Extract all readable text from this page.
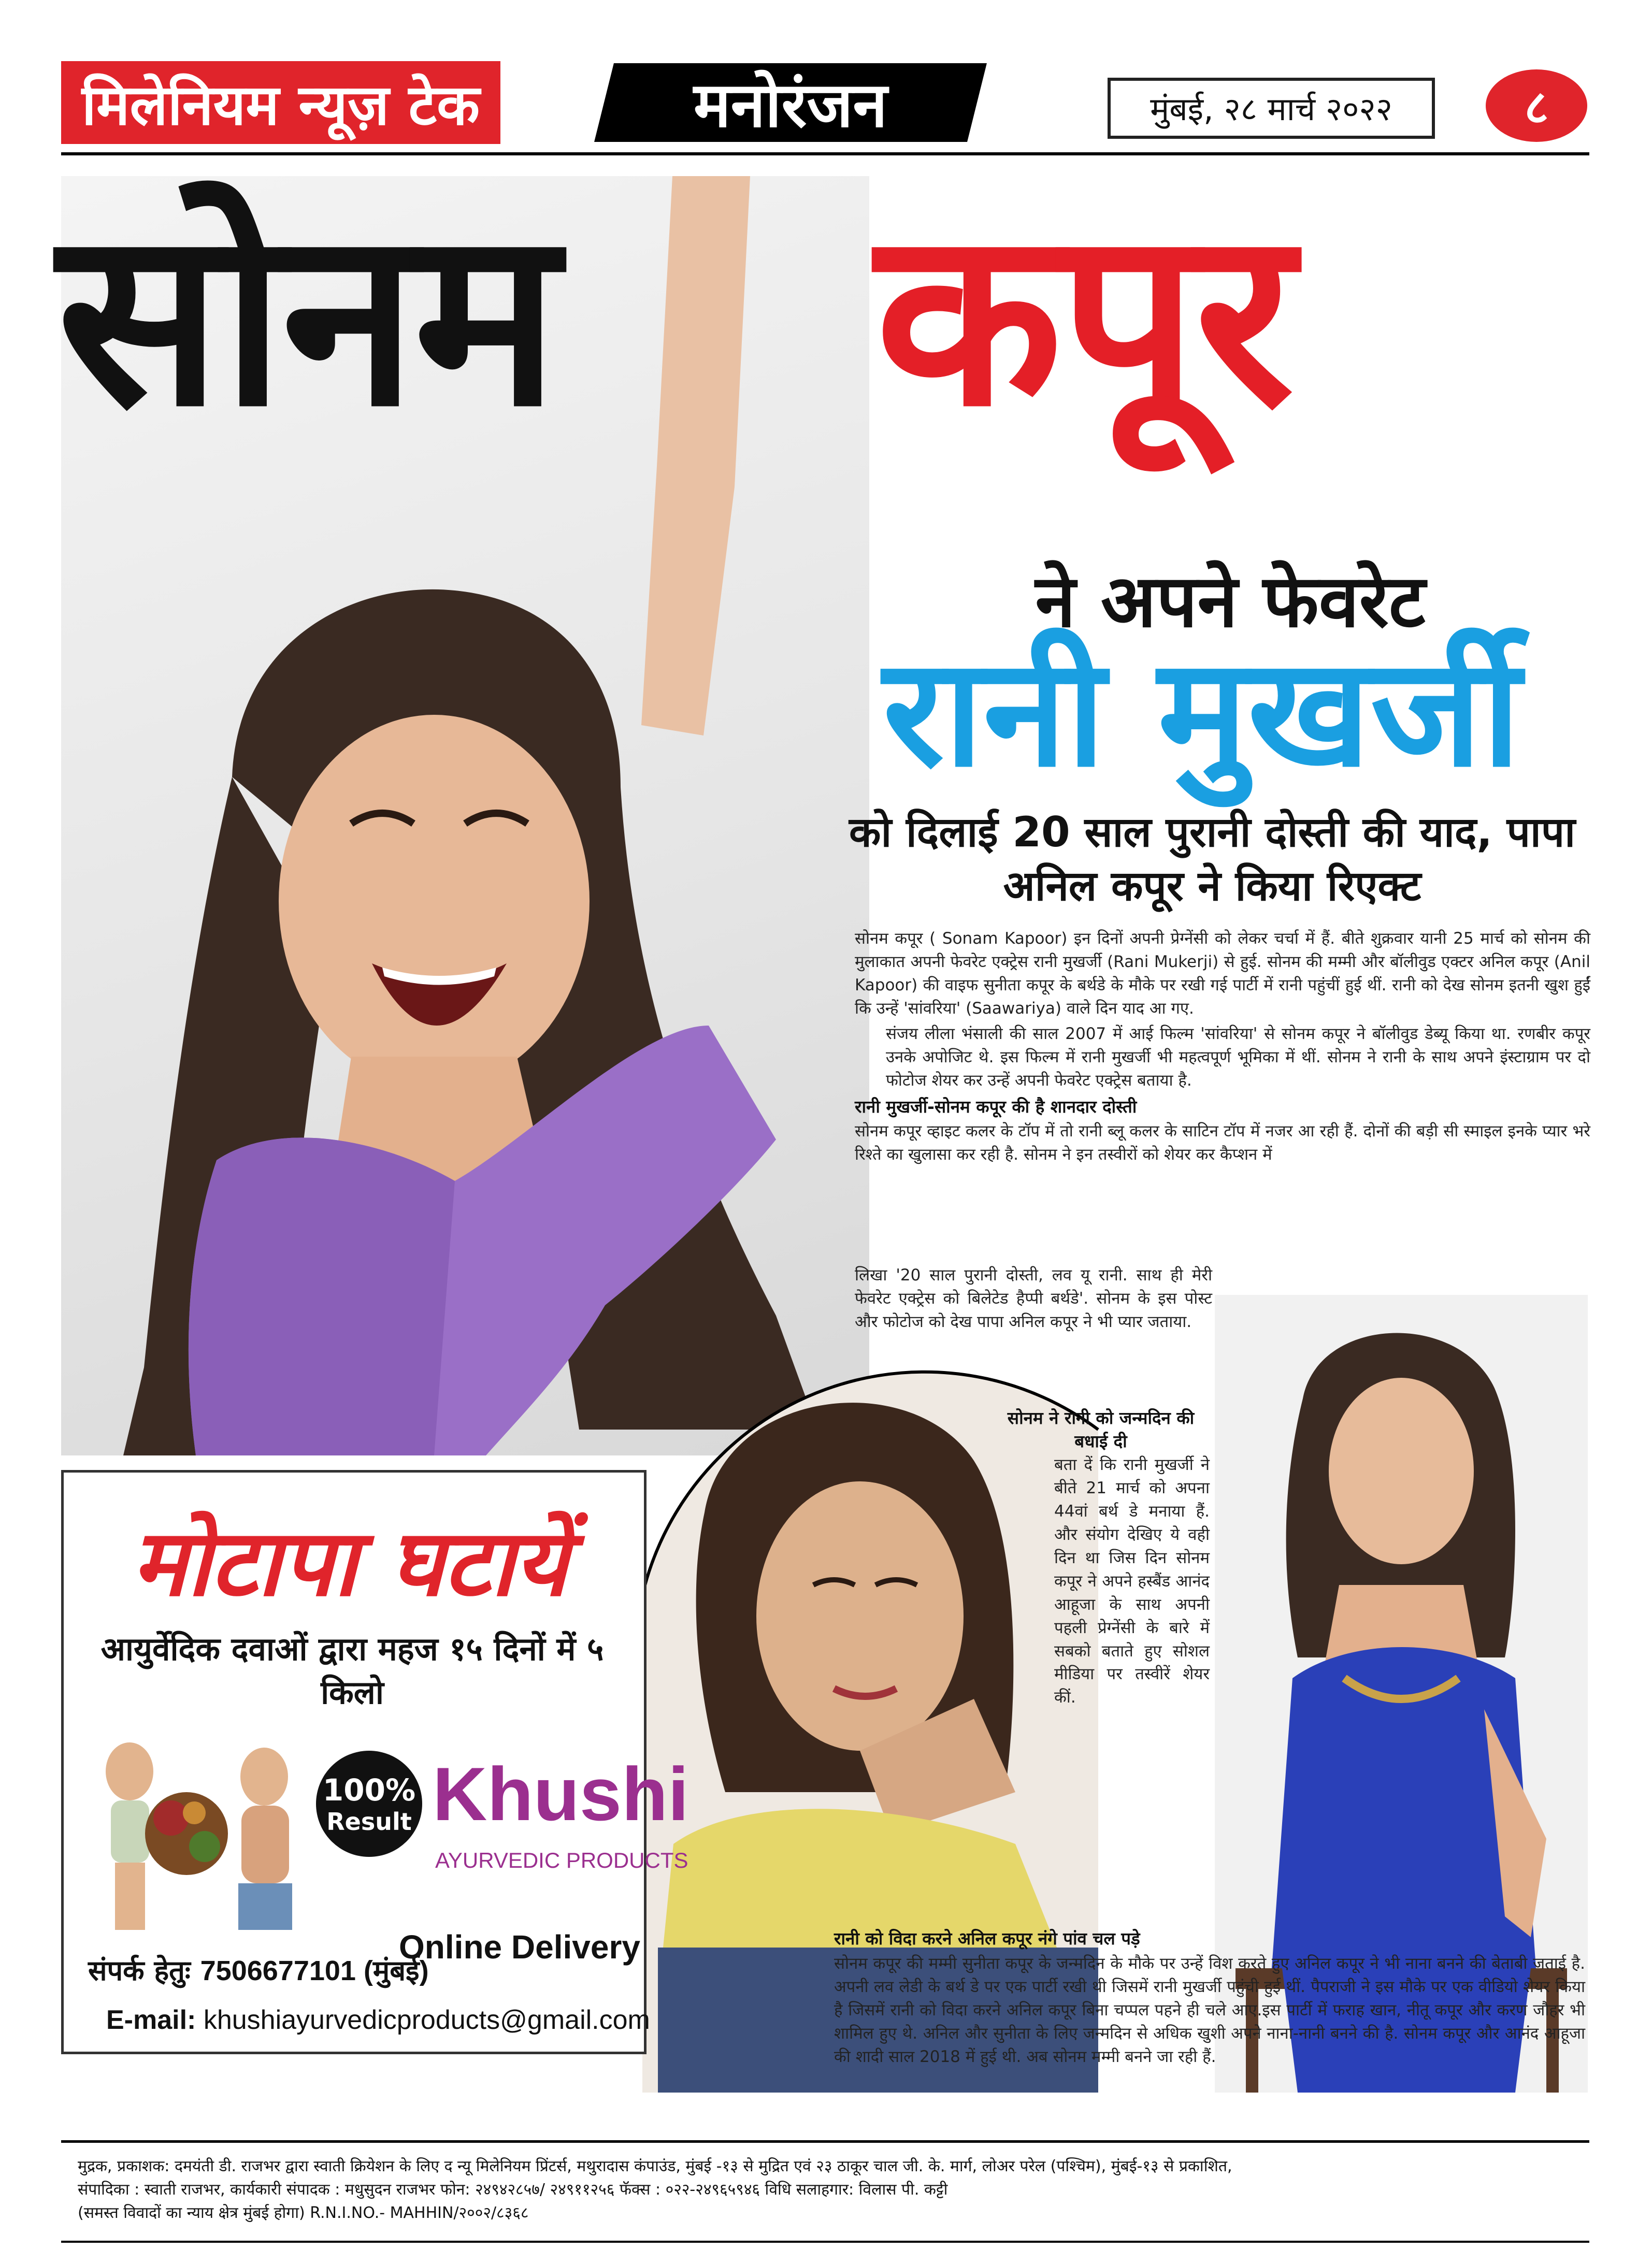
मिलेनियम न्यूज़ टेक	मनोरंजन	मुंबई, २८ मार्च २०२२	८
सोनम कपूर
ने अपने फेवरेट
रानी मुखर्जी
को दिलाई 20 साल पुरानी दोस्ती की याद, पापा अनिल कपूर ने किया रिएक्ट

सोनम कपूर ( Sonam Kapoor) इन दिनों अपनी प्रेग्नेंसी को लेकर चर्चा में हैं. बीते शुक्रवार यानी 25 मार्च को सोनम की मुलाकात अपनी फेवरेट एक्ट्रेस रानी मुखर्जी (Rani Mukerji) से हुई. सोनम की मम्मी और बॉलीवुड एक्टर अनिल कपूर (Anil Kapoor) की वाइफ सुनीता कपूर के बर्थडे के मौके पर रखी गई पार्टी में रानी पहुंचीं हुई थीं. रानी को देख सोनम इतनी खुश हुईं कि उन्हें 'सांवरिया' (Saawariya) वाले दिन याद आ गए.

संजय लीला भंसाली की साल 2007 में आई फिल्म 'सांवरिया' से सोनम कपूर ने बॉलीवुड डेब्यू किया था. रणबीर कपूर उनके अपोजिट थे. इस फिल्म में रानी मुखर्जी भी महत्वपूर्ण भूमिका में थीं. सोनम ने रानी के साथ अपने इंस्टाग्राम पर दो फोटोज शेयर कर उन्हें अपनी फेवरेट एक्ट्रेस बताया है.

रानी मुखर्जी-सोनम कपूर की है शानदार दोस्ती

सोनम कपूर व्हाइट कलर के टॉप में तो रानी ब्लू कलर के साटिन टॉप में नजर आ रही हैं. दोनों की बड़ी सी स्माइल इनके प्यार भरे रिश्ते का खुलासा कर रही है. सोनम ने इन तस्वीरों को शेयर कर कैप्शन में

लिखा '20 साल पुरानी दोस्ती, लव यू रानी. साथ ही मेरी फेवरेट एक्ट्रेस को बिलेटेड हैप्पी बर्थडे'. सोनम के इस पोस्ट और फोटोज को देख पापा अनिल कपूर ने भी प्यार जताया.

सोनम ने रानी को जन्मदिन की बधाई दी
बता दें कि रानी मुखर्जी ने बीते 21 मार्च को अपना 44वां बर्थ डे मनाया हैं. और संयोग देखिए ये वही दिन था जिस दिन सोनम कपूर ने अपने हस्बैंड आनंद आहूजा के साथ अपनी पहली प्रेग्नेंसी के बारे में सबको बताते हुए सोशल मीडिया पर तस्वीरें शेयर कीं.
रानी को विदा करने अनिल कपूर नंगे पांव चल पड़े

सोनम कपूर की मम्मी सुनीता कपूर के जन्मदिन के मौके पर उन्हें विश करते हुए अनिल कपूर ने भी नाना बनने की बेताबी जताई है. अपनी लव लेडी के बर्थ डे पर एक पार्टी रखी थी जिसमें रानी मुखर्जी पहुंची हुई थीं. पैपराजी ने इस मौके पर एक वीडियो शेयर किया है जिसमें रानी को विदा करने अनिल कपूर बिना चप्पल पहने ही चले आए.इस पार्टी में फराह खान, नीतू कपूर और करण जौहर भी शामिल हुए थे. अनिल और सुनीता के लिए जन्मदिन से अधिक खुशी अपने नाना-नानी बनने की है. सोनम कपूर और आनंद आहूजा की शादी साल 2018 में हुई थी. अब सोनम मम्मी बनने जा रही हैं.

मोटापा घटायें
आयुर्वेदिक दवाओं द्वारा महज १५ दिनों में ५ किलो
100%
Result Khushi
AYURVEDIC PRODUCTS
Online Delivery
संपर्क हेतुः 7506677101 (मुंबई)
E-mail: khushiayurvedicproducts@gmail.com
मुद्रक, प्रकाशक: दमयंती डी. राजभर द्वारा स्वाती क्रियेशन के लिए द न्यू मिलेनियम प्रिंटर्स, मथुरादास कंपाउंड, मुंबई -१३ से मुद्रित एवं २३ ठाकूर चाल जी. के. मार्ग, लोअर परेल (पश्चिम), मुंबई-१३ से प्रकाशित,
संपादिका : स्वाती राजभर, कार्यकारी संपादक : मधुसुदन राजभर फोन: २४९४२८५७/ २४९११२५६ फॅक्स : ०२२-२४९६५९४६ विधि सलाहगार: विलास पी. कट्टी
(समस्त विवादों का न्याय क्षेत्र मुंबई होगा) R.N.I.NO.- MAHHIN/२००२/८३६८
